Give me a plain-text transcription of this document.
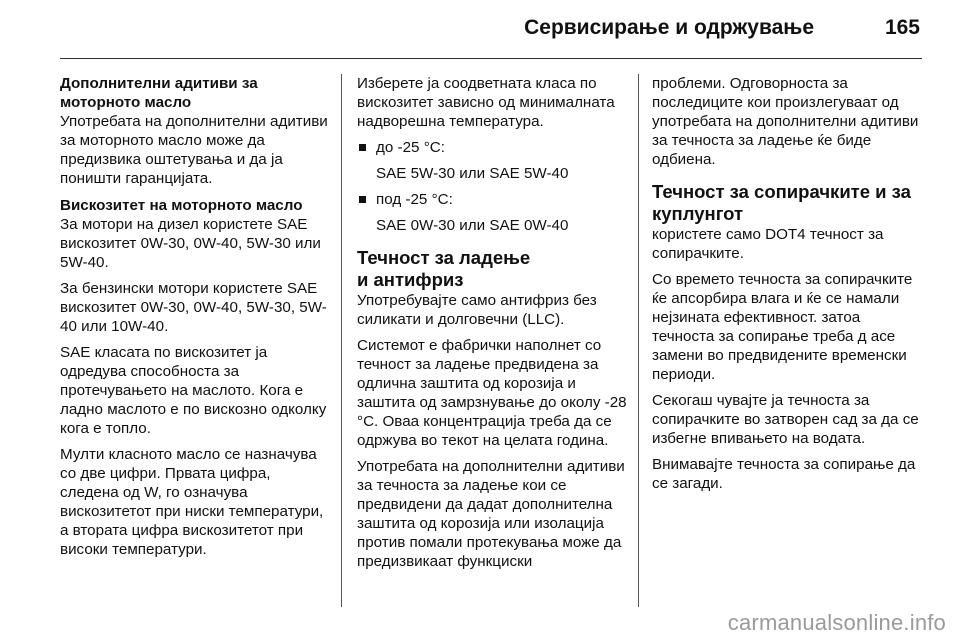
Сервисирање и одржување	165
Дополнителни адитиви за
моторното масло
Употребата на дополнителни адитиви за моторното масло може да предизвика оштетувања и да ја поништи гаранцијата.
Вискозитет на моторното масло
За мотори на дизел користете SAE вискозитет 0W-30, 0W-40, 5W-30 или 5W-40.
За бензински мотори користете SAE вискозитет 0W-30, 0W-40, 5W-30, 5W-40 или 10W-40.
SAE класата по вискозитет ја одредува способноста за протечувањето на маслото. Кога е ладно маслото е по вискозно одколку кога е топло.
Мулти класното масло се назначува со две цифри. Првата цифра, следена од W, го означува вискозитетот при ниски температури, а втората цифра вискозитетот при високи температури.
Изберете ја соодветната класа по вискозитет зависно од минималната надворешна температура.
до -25 °C:
SAE 5W-30 или SAE 5W-40
под -25 °C:
SAE 0W-30 или SAE 0W-40
Течност за ладење
и антифриз
Употребувајте само антифриз без силикати и долговечни (LLC).
Системот е фабрички наполнет со течност за ладење предвидена за одлична заштита од корозија и заштита од замрзнување до околу -28 °C. Оваа концентрација треба да се одржува во текот на целата година.
Употребата на дополнителни адитиви за течноста за ладење кои се предвидени да дадат дополнителна заштита од корозија или изолација против помали протекувања може да предизвикаат функциски
проблеми. Одговорноста за последиците кои произлегуваат од употребата на дополнителни адитиви за течноста за ладење ќе биде одбиена.
Течност за сопирачките и за
куплунгот
користете само DOT4 течност за сопирачките.
Со времето течноста за сопирачките ќе апсорбира влага и ќе се намали нејзината ефективност. затоа течноста за сопирање треба д асе замени во предвидените временски периоди.
Секогаш чувајте ја течноста за сопирачките во затворен сад за да се избегне впивањето на водата.
Внимавајте течноста за сопирање да се загади.
carmanualsonline.info
